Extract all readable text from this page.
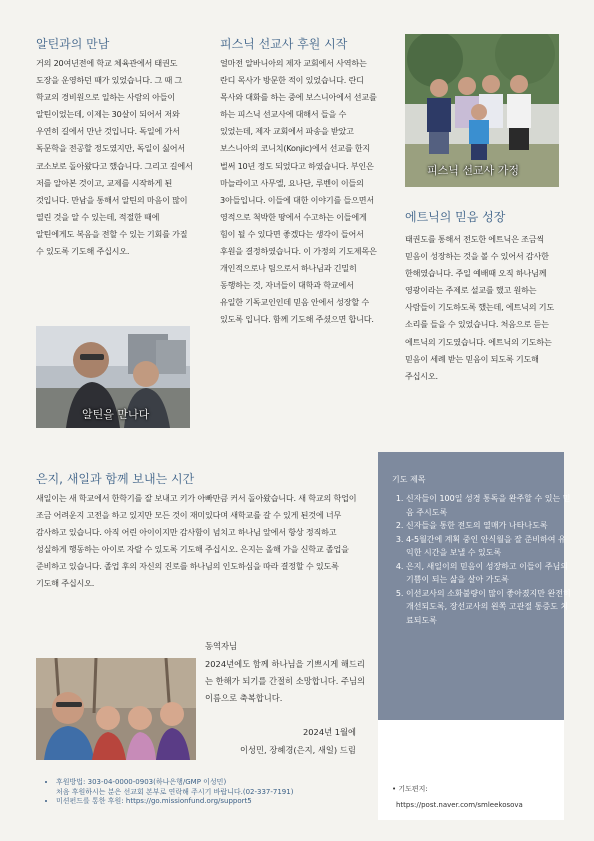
알틴과의 만남

거의 20여년전에 학교 체육관에서 태권도 도장을 운영하던 때가 있었습니다. 그 때 그 학교의 경비원으로 일하는 사람의 아들이 알틴이었는데, 이제는 30살이 되어서 저와 우연히 길에서 만난 것입니다. 독일에 가서 독문학을 전공할 정도였지만, 독일이 싫어서 코소보로 돌아왔다고 했습니다. 그리고 길에서 저를 알아본 것이고, 교제를 시작하게 된 것입니다. 만남을 통해서 알틴의 마음이 많이 열린 것을 알 수 있는데, 적절한 때에 알틴에게도 복음을 전할 수 있는 기회를 가질 수 있도록 기도해 주십시오.

알틴을 만나다
피스닉 선교사 후원 시작

얼마전 알바니아의 제자 교회에서 사역하는 란디 목사가 방문한 적이 있었습니다. 란디 목사와 대화를 하는 중에 보스니아에서 선교를 하는 피스닉 선교사에 대해서 들을 수 있었는데, 제자 교회에서 파송을 받았고 보스니아의 코니치(Konjic)에서 선교를 한지 벌써 10년 정도 되었다고 하였습니다. 부인은 마늘라이고 사무엘, 요나단, 루벤이 이들의 3아들입니다. 이들에 대한 이야기를 들으면서 영적으로 척박한 땅에서 수고하는 이들에게 힘이 될 수 있다면 좋겠다는 생각이 들어서 후원을 결정하였습니다. 이 가정의 기도제목은 개인적으로나 팀으로서 하나님과 긴밀히 동행하는 것, 자녀들이 대학과 학교에서 유일한 기독교인인데 믿음 안에서 성장할 수 있도록 입니다. 함께 기도해 주셨으면 합니다.

피스닉 선교사 가정
에트닉의 믿음 성장

태권도를 통해서 전도한 에트닉은 조금씩 믿음이 성장하는 것을 볼 수 있어서 감사한 한해였습니다. 주일 예배때 오직 하나님께 영광이라는 주제로 설교를 했고 원하는 사람들이 기도하도록 했는데, 에트닉의 기도 소리를 들을 수 있었습니다. 처음으로 듣는 에트닉의 기도였습니다. 에트닉의 기도하는 믿음이 세례 받는 믿음이 되도록 기도해 주십시오.

은지, 새일과 함께 보내는 시간

새일이는 새 학교에서 한학기를 잘 보내고 키가 아빠만큼 커서 돌아왔습니다. 새 학교의 학업이 조금 어려운지 고전을 하고 있지만 모든 것이 재미있다며 새학교를 갈 수 있게 된것에 너무 감사하고 있습니다. 아직 어린 아이이지만 감사함이 넘치고 하나님 앞에서 항상 정직하고 성실하게 행동하는 아이로 자랄 수 있도록 기도해 주십시오. 은지는 올해 가을 신학교 졸업을 준비하고 있습니다. 졸업 후의 자신의 진로를 하나님의 인도하심을 따라 결정할 수 있도록 기도해 주십시오.

동역자님

2024년에도 함께 하나님을 기쁘시게 해드리는 한해가 되기를 간절히 소망합니다. 주님의 이름으로 축복합니다.

2024년 1월에

이성민, 장혜경(은지, 새일) 드림

기도 제목
1. 신자들이 100일 성경 통독을 완주할 수 있는 믿음 주시도록
2. 신자들을 통한 전도의 열매가 나타나도록
3. 4-5월간에 계획 중인 안식월을 잘 준비하여 유익한 시간을 보낼 수 있도록
4. 은지, 새일이의 믿음이 성장하고 이들이 주님의 기쁨이 되는 삶을 살아 가도록
5. 이선교사의 소화불량이 많이 좋아졌지만 완전히 개선되도록, 장선교사의 왼쪽 고관절 통증도 치료되도록
• 기도편지:
https://post.naver.com/smleekosova
• 후원방법: 303-04-0000-0903(하나은행/GMP 이성민)
처음 후원하시는 분은 선교회 본부로 연락해 주시기 바랍니다.(02-337-7191)
• 미션펀드를 통한 후원: https://go.missionfund.org/support5
